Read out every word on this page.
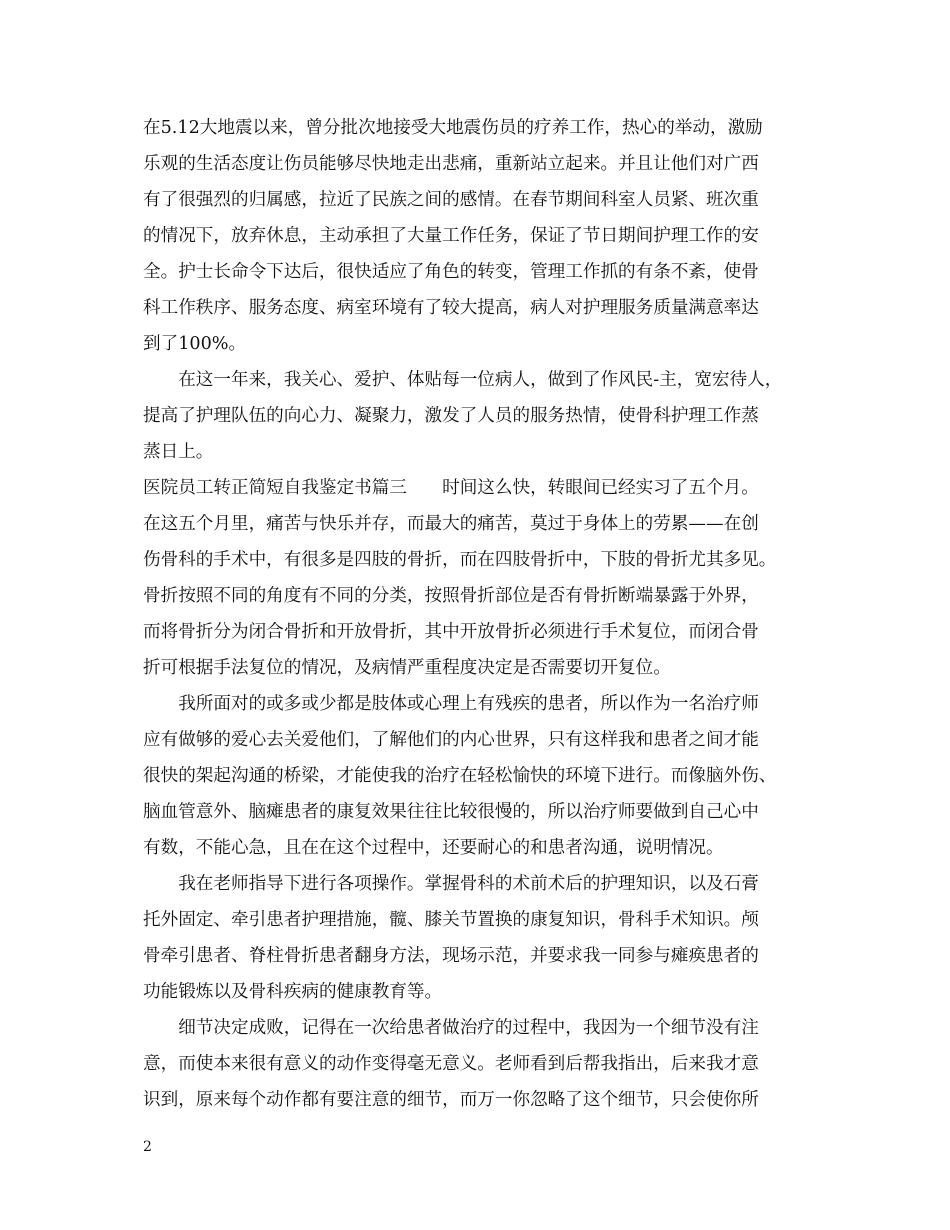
在5.12大地震以来，曾分批次地接受大地震伤员的疗养工作，热心的举动，激励
乐观的生活态度让伤员能够尽快地走出悲痛，重新站立起来。并且让他们对广西
有了很强烈的归属感，拉近了民族之间的感情。在春节期间科室人员紧、班次重
的情况下，放弃休息，主动承担了大量工作任务，保证了节日期间护理工作的安
全。护士长命令下达后，很快适应了角色的转变，管理工作抓的有条不紊，使骨
科工作秩序、服务态度、病室环境有了较大提高，病人对护理服务质量满意率达
到了100%。
　　在这一年来，我关心、爱护、体贴每一位病人，做到了作风民-主，宽宏待人，
提高了护理队伍的向心力、凝聚力，激发了人员的服务热情，使骨科护理工作蒸
蒸日上。
医院员工转正简短自我鉴定书篇三　　时间这么快，转眼间已经实习了五个月。
在这五个月里，痛苦与快乐并存，而最大的痛苦，莫过于身体上的劳累——在创
伤骨科的手术中，有很多是四肢的骨折，而在四肢骨折中，下肢的骨折尤其多见。
骨折按照不同的角度有不同的分类，按照骨折部位是否有骨折断端暴露于外界，
而将骨折分为闭合骨折和开放骨折，其中开放骨折必须进行手术复位，而闭合骨
折可根据手法复位的情况，及病情严重程度决定是否需要切开复位。
　　我所面对的或多或少都是肢体或心理上有残疾的患者，所以作为一名治疗师
应有做够的爱心去关爱他们，了解他们的内心世界，只有这样我和患者之间才能
很快的架起沟通的桥梁，才能使我的治疗在轻松愉快的环境下进行。而像脑外伤、
脑血管意外、脑瘫患者的康复效果往往比较很慢的，所以治疗师要做到自己心中
有数，不能心急，且在在这个过程中，还要耐心的和患者沟通，说明情况。
　　我在老师指导下进行各项操作。掌握骨科的术前术后的护理知识，以及石膏
托外固定、牵引患者护理措施，髋、膝关节置换的康复知识，骨科手术知识。颅
骨牵引患者、脊柱骨折患者翻身方法，现场示范，并要求我一同参与瘫痪患者的
功能锻炼以及骨科疾病的健康教育等。
　　细节决定成败，记得在一次给患者做治疗的过程中，我因为一个细节没有注
意，而使本来很有意义的动作变得毫无意义。老师看到后帮我指出，后来我才意
识到，原来每个动作都有要注意的细节，而万一你忽略了这个细节，只会使你所
2
